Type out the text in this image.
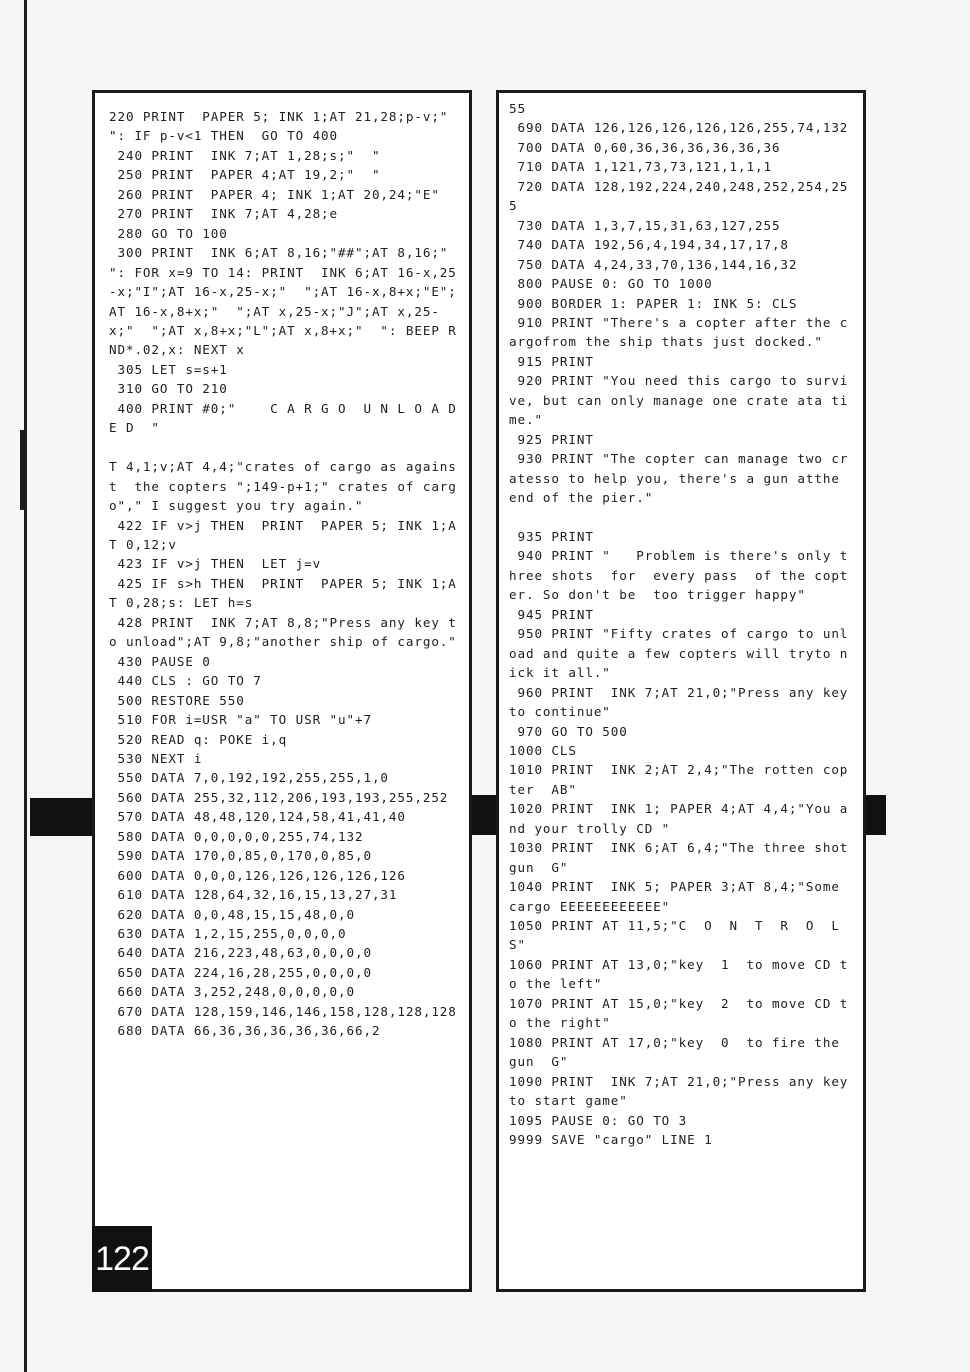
220 PRINT  PAPER 5; INK 1;AT 21,28;p-v;"  ": IF p-v<1 THEN  GO TO 400
240 PRINT  INK 7;AT 1,28;s;"  "
250 PRINT  PAPER 4;AT 19,2;"  "
260 PRINT  PAPER 4; INK 1;AT 20,24;"E"
270 PRINT  INK 7;AT 4,28;e
280 GO TO 100
300 PRINT  INK 6;AT 8,16;"##";AT 8,16;"  ": FOR x=9 TO 14: PRINT  INK 6;AT 16-x,25-x;"I";AT 16-x,25-x;"  ";AT 16-x,8+x;"E";AT 16-x,8+x;"  ";AT x,25-x;"J";AT x,25-x;"  ";AT x,8+x;"L";AT x,8+x;"  ": BEEP RND*.02,x: NEXT x
305 LET s=s+1
310 GO TO 210
400 PRINT #0;"    C A R G O  U N L O A D E D  "

T 4,1;v;AT 4,4;"crates of cargo as against  the copters ";149-p+1;" crates of cargo"," I suggest you try again."
422 IF v>j THEN  PRINT  PAPER 5; INK 1;AT 0,12;v
423 IF v>j THEN  LET j=v
425 IF s>h THEN  PRINT  PAPER 5; INK 1;AT 0,28;s: LET h=s
428 PRINT  INK 7;AT 8,8;"Press any key to unload";AT 9,8;"another ship of cargo."
430 PAUSE 0
440 CLS : GO TO 7
500 RESTORE 550
510 FOR i=USR "a" TO USR "u"+7
520 READ q: POKE i,q
530 NEXT i
550 DATA 7,0,192,192,255,255,1,0
560 DATA 255,32,112,206,193,193,255,252
570 DATA 48,48,120,124,58,41,41,40
580 DATA 0,0,0,0,0,255,74,132
590 DATA 170,0,85,0,170,0,85,0
600 DATA 0,0,0,126,126,126,126,126
610 DATA 128,64,32,16,15,13,27,31
620 DATA 0,0,48,15,15,48,0,0
630 DATA 1,2,15,255,0,0,0,0
640 DATA 216,223,48,63,0,0,0,0
650 DATA 224,16,28,255,0,0,0,0
660 DATA 3,252,248,0,0,0,0,0
670 DATA 128,159,146,146,158,128,128,128
680 DATA 66,36,36,36,36,36,66,2
55
690 DATA 126,126,126,126,126,255,74,132
700 DATA 0,60,36,36,36,36,36,36
710 DATA 1,121,73,73,121,1,1,1
720 DATA 128,192,224,240,248,252,254,255
730 DATA 1,3,7,15,31,63,127,255
740 DATA 192,56,4,194,34,17,17,8
750 DATA 4,24,33,70,136,144,16,32
800 PAUSE 0: GO TO 1000
900 BORDER 1: PAPER 1: INK 5: CLS
910 PRINT "There's a copter after the cargofrom the ship thats just docked."
915 PRINT
920 PRINT "You need this cargo to survive, but can only manage one crate ata time."
925 PRINT
930 PRINT "The copter can manage two cratesso to help you, there's a gun atthe end of the pier."

935 PRINT
940 PRINT "   Problem is there's only three shots  for  every pass  of the copter. So don't be  too trigger happy"
945 PRINT
950 PRINT "Fifty crates of cargo to unload and quite a few copters will tryto nick it all."
960 PRINT  INK 7;AT 21,0;"Press any key to continue"
970 GO TO 500
1000 CLS
1010 PRINT  INK 2;AT 2,4;"The rotten copter  AB"
1020 PRINT  INK 1; PAPER 4;AT 4,4;"You and your trolly CD "
1030 PRINT  INK 6;AT 6,4;"The three shot gun  G"
1040 PRINT  INK 5; PAPER 3;AT 8,4;"Some cargo EEEEEEEEEEEE"
1050 PRINT AT 11,5;"C  O  N  T  R  O  L  S"
1060 PRINT AT 13,0;"key  1  to move CD to the left"
1070 PRINT AT 15,0;"key  2  to move CD to the right"
1080 PRINT AT 17,0;"key  0  to fire the gun  G"
1090 PRINT  INK 7;AT 21,0;"Press any key to start game"
1095 PAUSE 0: GO TO 3
9999 SAVE "cargo" LINE 1
122
